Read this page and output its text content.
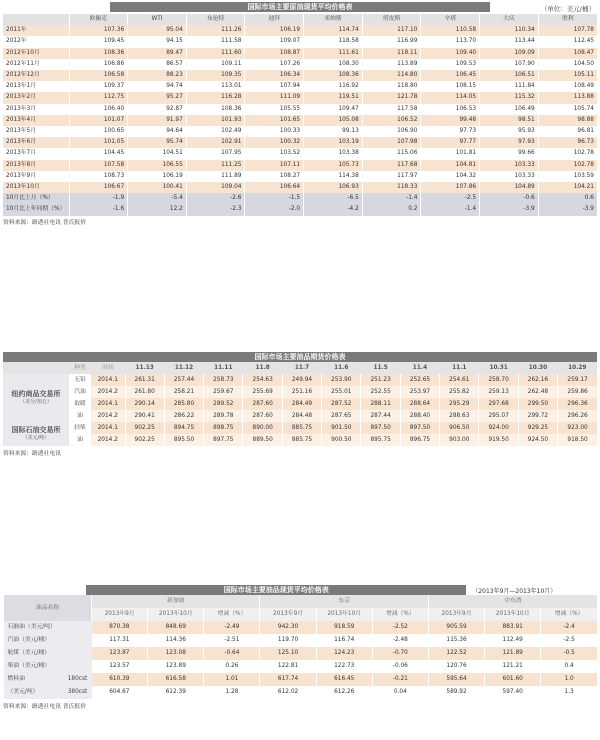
国际市场主要原油现货平均价格表	（单位：美元/桶）
	欧佩克	WTI	布伦特	迪拜	米纳斯	塔皮斯	辛塔	大庆	胜利
2011年	107.36	95.04	111.26	106.19	114.74	117.10	110.58	110.34	107.78
2012年	109.45	94.15	111.58	109.07	118.58	116.99	113.70	113.44	112.45
2012年10月	108.36	89.47	111.60	108.87	111.61	118.11	109.40	109.09	108.47
2012年11月	106.86	86.57	109.11	107.26	108.30	113.89	109.53	107.90	104.50
2012年12月	106.58	88.23	109.35	106.34	108.36	114.80	106.45	106.51	105.11
2013年1月	109.37	94.74	113.01	107.94	116.92	118.80	108.15	111.84	108.49
2013年2月	112.75	95.27	116.28	111.09	119.51	121.78	114.05	115.32	113.88
2013年3月	106.40	92.87	108.36	105.55	109.47	117.58	106.53	106.49	105.74
2013年4月	101.07	91.97	101.93	101.65	105.08	106.52	99.48	98.51	98.88
2013年5月	100.65	94.64	102.49	100.33	99.13	106.90	97.73	95.93	96.81
2013年6月	101.05	95.74	102.91	100.32	103.19	107.98	97.77	97.93	96.73
2013年7月	104.45	104.51	107.95	103.52	103.38	115.06	101.81	99.66	102.78
2013年8月	107.58	106.55	111.25	107.11	105.73	117.68	104.81	103.33	102.78
2013年9月	108.73	106.19	111.89	108.27	114.38	117.97	104.32	103.33	103.59
2013年10月	106.67	100.41	109.04	106.64	106.93	118.33	107.86	104.89	104.21
10月比上月（%）	-1.9	-5.4	-2.6	-1.5	-6.5	-1.4	-2.5	-0.6	0.6
10月比上年同期（%）	-1.6	12.2	-2.3	-2.0	-4.2	0.2	-1.4	-3.9	-3.9
资料来源：路透社电讯 普氏报价
国际市场主要油品期货价格表
	种类	时间	11.13	11.12	11.11	11.8	11.7	11.6	11.5	11.4	11.1	10.31	10.30	10.29
纽约商品交易所
（美分/加仑）	无铅	2014.1	261.31	257.44	258.73	254.63	249.94	253.90	251.23	252.65	254.61	258.70	262.16	259.17
	汽油	2014.2	261.80	258.21	259.67	255.69	251.16	255.01	252.55	253.97	255.82	259.13	262.48	259.86
	取暖	2014.1	290.14	285.80	289.52	287.60	284.49	287.52	288.11	288.64	295.29	297.68	299.50	296.36
	油	2014.2	290.41	286.22	289.78	287.60	284.48	287.65	287.44	288.40	288.63	295.07	299.72	296.26
国际石油交易所
（美元/吨）	轻柴	2014.1	902.25	894.75	898.75	890.00	885.75	901.50	897.50	897.50	906.50	924.00	929.25	923.00
	油	2014.2	902.25	895.50	897.75	889.50	885.75	900.50	895.75	896.75	903.00	919.50	924.50	918.50
资料来源：路透社电讯
国际市场主要油品现货平均价格表	（2013年9月—2013年10月）
油品名称		新加坡			东京			中东湾		
		2013年9月	2013年10月	增减（%）	2013年9月	2013年10月	增减（%）	2013年9月	2013年10月	增减（%）
石脑油（美元/吨）		870.38	848.69	-2.49	942.30	918.59	-2.52	905.59	883.91	-2.4
汽油（美元/桶）		117.31	114.36	-2.51	119.70	116.74	-2.48	115.36	112.49	-2.5
航煤（美元/桶）		123.87	123.08	-0.64	125.10	124.23	-0.70	122.52	121.89	-0.5
柴油（美元/桶）		123.57	123.89	0.26	122.81	122.73	-0.06	120.76	121.21	0.4
燃料油	180cst	610.39	616.58	1.01	617.74	616.45	-0.21	595.64	601.60	1.0
（美元/吨）	380cst	604.67	612.39	1.28	612.02	612.26	0.04	589.92	597.40	1.3
资料来源：路透社电讯 普氏报价
